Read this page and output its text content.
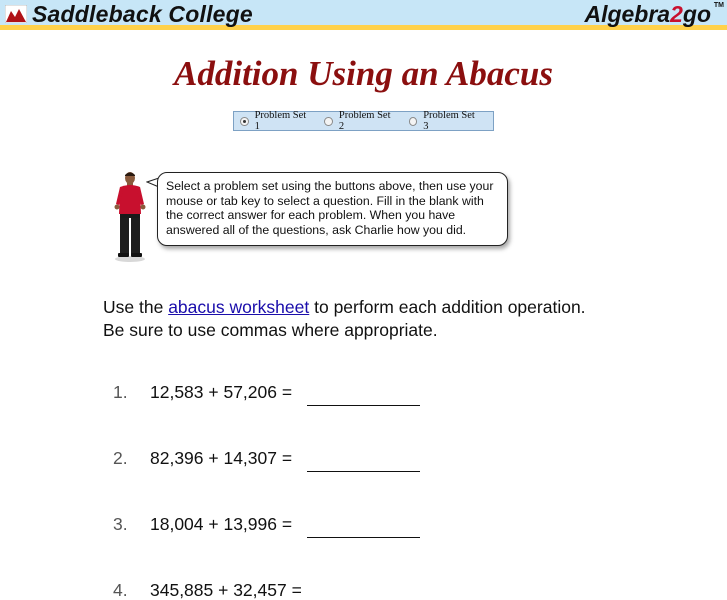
Saddleback College	Algebra2go TM
Addition Using an Abacus
Problem Set 1
Problem Set 2
Problem Set 3
Select a problem set using the buttons above, then use your mouse or tab key to select a question. Fill in the blank with the correct answer for each problem. When you have answered all of the questions, ask Charlie how you did.
Use the abacus worksheet to perform each addition operation.
Be sure to use commas where appropriate.
1. 12,583 + 57,206 =
2. 82,396 + 14,307 =
3. 18,004 + 13,996 =
4. 345,885 + 32,457 =
